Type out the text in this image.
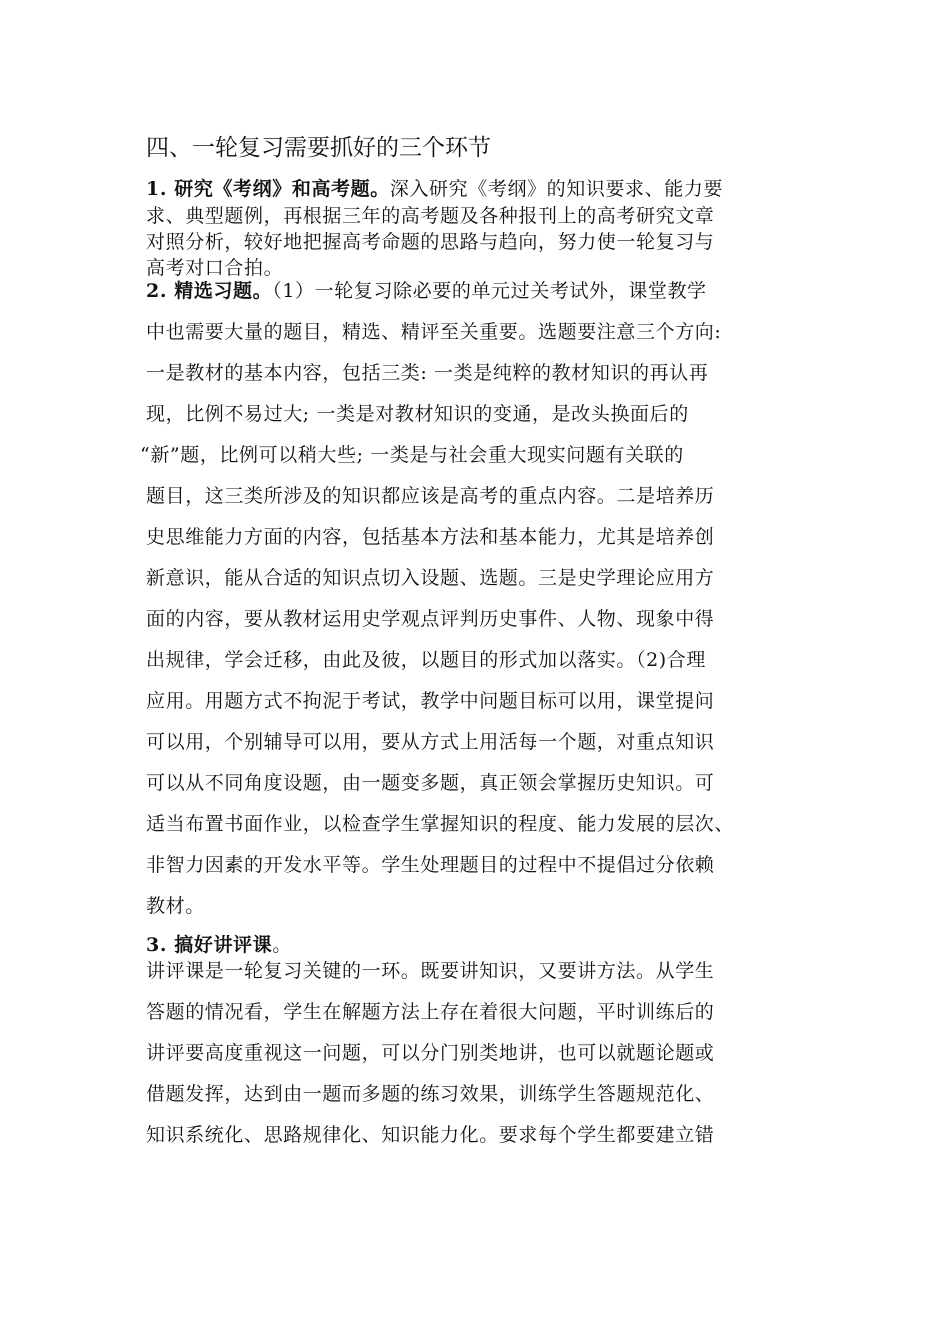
四、一轮复习需要抓好的三个环节
1. 研究《考纲》和高考题。深入研究《考纲》的知识要求、能力要
求、典型题例，再根据三年的高考题及各种报刊上的高考研究文章
对照分析，较好地把握高考命题的思路与趋向，努力使一轮复习与
高考对口合拍。
2. 精选习题。（1）一轮复习除必要的单元过关考试外，课堂教学
中也需要大量的题目，精选、精评至关重要。选题要注意三个方向:
一是教材的基本内容，包括三类: 一类是纯粹的教材知识的再认再
现，比例不易过大; 一类是对教材知识的变通，是改头换面后的
“新”题，比例可以稍大些; 一类是与社会重大现实问题有关联的
题目，这三类所涉及的知识都应该是高考的重点内容。二是培养历
史思维能力方面的内容，包括基本方法和基本能力，尤其是培养创
新意识，能从合适的知识点切入设题、选题。三是史学理论应用方
面的内容，要从教材运用史学观点评判历史事件、人物、现象中得
出规律，学会迁移，由此及彼，以题目的形式加以落实。（2)合理
应用。用题方式不拘泥于考试，教学中问题目标可以用，课堂提问
可以用，个别辅导可以用，要从方式上用活每一个题，对重点知识
可以从不同角度设题，由一题变多题，真正领会掌握历史知识。可
适当布置书面作业，以检查学生掌握知识的程度、能力发展的层次、
非智力因素的开发水平等。学生处理题目的过程中不提倡过分依赖
教材。
3. 搞好讲评课。
讲评课是一轮复习关键的一环。既要讲知识，又要讲方法。从学生
答题的情况看，学生在解题方法上存在着很大问题，平时训练后的
讲评要高度重视这一问题，可以分门别类地讲，也可以就题论题或
借题发挥，达到由一题而多题的练习效果，训练学生答题规范化、
知识系统化、思路规律化、知识能力化。要求每个学生都要建立错
